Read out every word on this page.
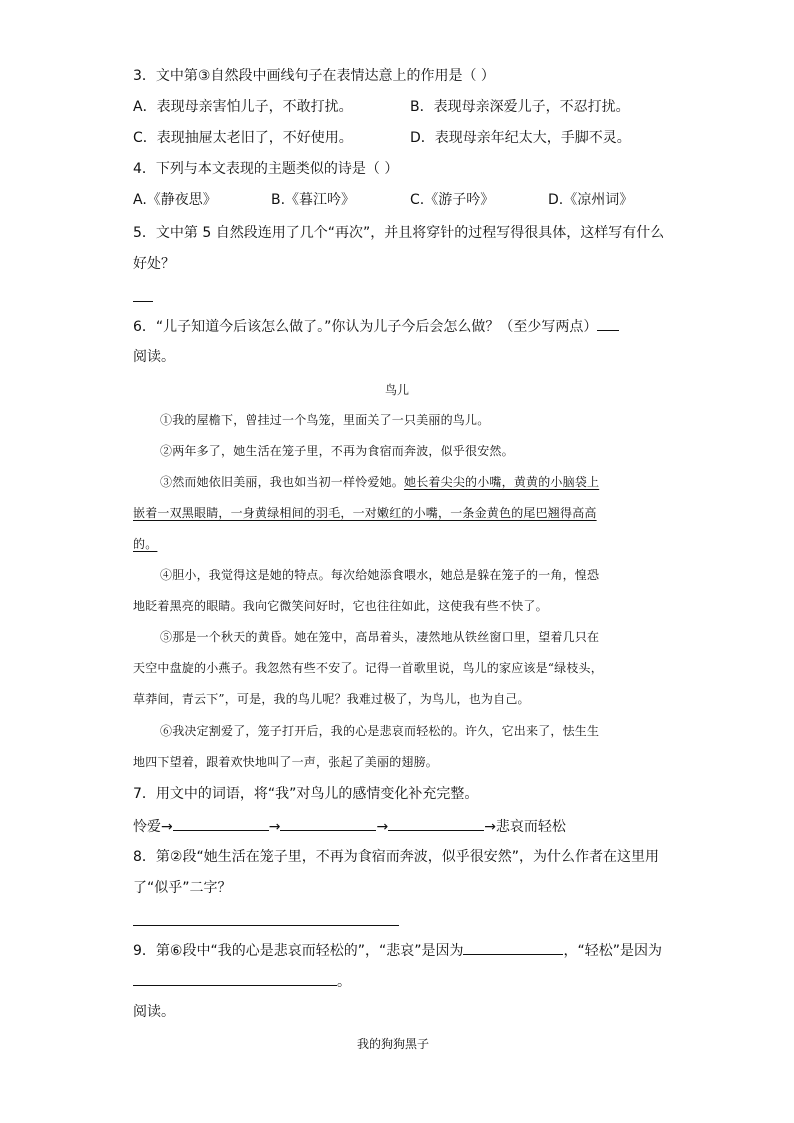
3．文中第③自然段中画线句子在表情达意上的作用是（ ）
A．表现母亲害怕儿子，不敢打扰。	B．表现母亲深爱儿子，不忍打扰。
C．表现抽屉太老旧了，不好使用。	D．表现母亲年纪太大，手脚不灵。
4．下列与本文表现的主题类似的诗是（ ）
A.《静夜思》	B.《暮江吟》	C.《游子吟》	D.《凉州词》
5．文中第 5 自然段连用了几个“再次”，并且将穿针的过程写得很具体，这样写有什么
好处？
6．“儿子知道今后该怎么做了。”你认为儿子今后会怎么做？（至少写两点）
阅读。
鸟儿
①我的屋檐下，曾挂过一个鸟笼，里面关了一只美丽的鸟儿。
②两年多了，她生活在笼子里，不再为食宿而奔波，似乎很安然。
③然而她依旧美丽，我也如当初一样怜爱她。她长着尖尖的小嘴，黄黄的小脑袋上
嵌着一双黑眼睛，一身黄绿相间的羽毛，一对嫩红的小嘴，一条金黄色的尾巴翘得高高
的。
④胆小，我觉得这是她的特点。每次给她添食喂水，她总是躲在笼子的一角，惶恐
地眨着黑亮的眼睛。我向它微笑问好时，它也往往如此，这使我有些不快了。
⑤那是一个秋天的黄昏。她在笼中，高昂着头，凄然地从铁丝窗口里，望着几只在
天空中盘旋的小燕子。我忽然有些不安了。记得一首歌里说，鸟儿的家应该是“绿枝头，
草莽间，青云下”，可是，我的鸟儿呢？我难过极了，为鸟儿，也为自己。
⑥我决定割爱了，笼子打开后，我的心是悲哀而轻松的。许久，它出来了，怯生生
地四下望着，跟着欢快地叫了一声，张起了美丽的翅膀。
7．用文中的词语，将“我”对鸟儿的感情变化补充完整。
怜爱→	→	→	→悲哀而轻松
8．第②段“她生活在笼子里，不再为食宿而奔波，似乎很安然”，为什么作者在这里用
了“似乎”二字？
9．第⑥段中“我的心是悲哀而轻松的”，“悲哀”是因为	，“轻松”是因为
。
阅读。
我的狗狗黑子
